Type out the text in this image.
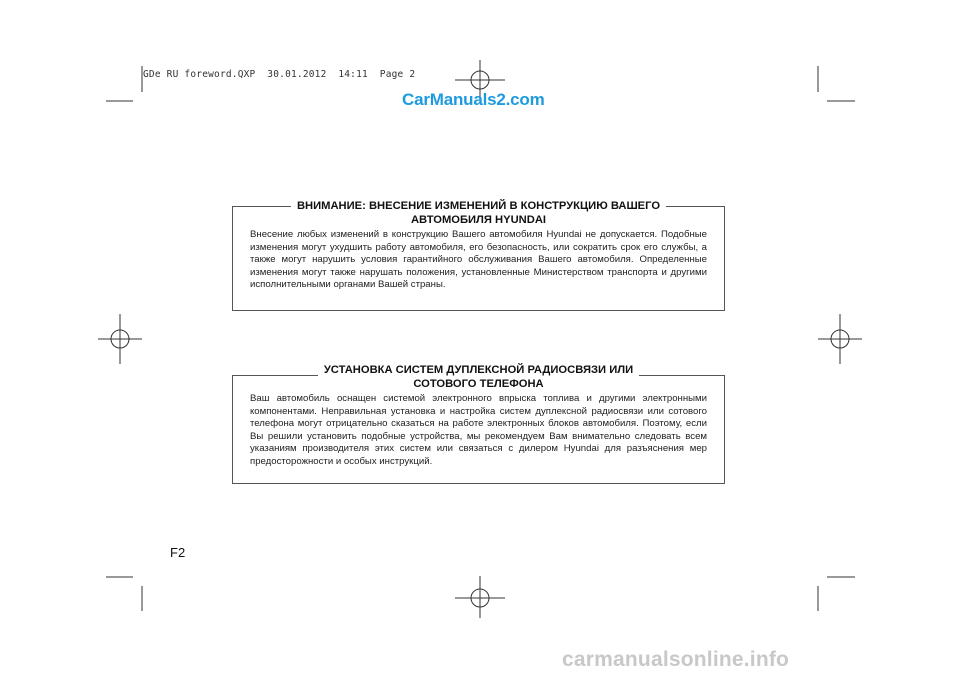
GDe RU foreword.QXP  30.01.2012  14:11  Page 2
CarManuals2.com
ВНИМАНИЕ: ВНЕСЕНИЕ ИЗМЕНЕНИЙ В КОНСТРУКЦИЮ ВАШЕГО
АВТОМОБИЛЯ HYUNDAI
Внесение любых изменений в конструкцию Вашего автомобиля Hyundai не допускается. Подобные изменения могут ухудшить работу автомобиля, его безопасность, или сократить срок его службы, а также могут нарушить условия гарантийного обслуживания Вашего автомобиля. Определенные изменения могут также нарушать положения, установленные Министерством транспорта и другими исполнительными органами Вашей страны.
УСТАНОВКА СИСТЕМ ДУПЛЕКСНОЙ РАДИОСВЯЗИ ИЛИ
СОТОВОГО ТЕЛЕФОНА
Ваш автомобиль оснащен системой электронного впрыска топлива и другими электронными компонентами. Неправильная установка и настройка систем дуплексной радиосвязи или сотового телефона могут отрицательно сказаться на работе электронных блоков автомобиля. Поэтому, если Вы решили установить подобные устройства, мы рекомендуем Вам внимательно следовать всем указаниям производителя этих систем или связаться с дилером Hyundai для разъяснения мер предосторожности и особых инструкций.
F2
carmanualsonline.info
